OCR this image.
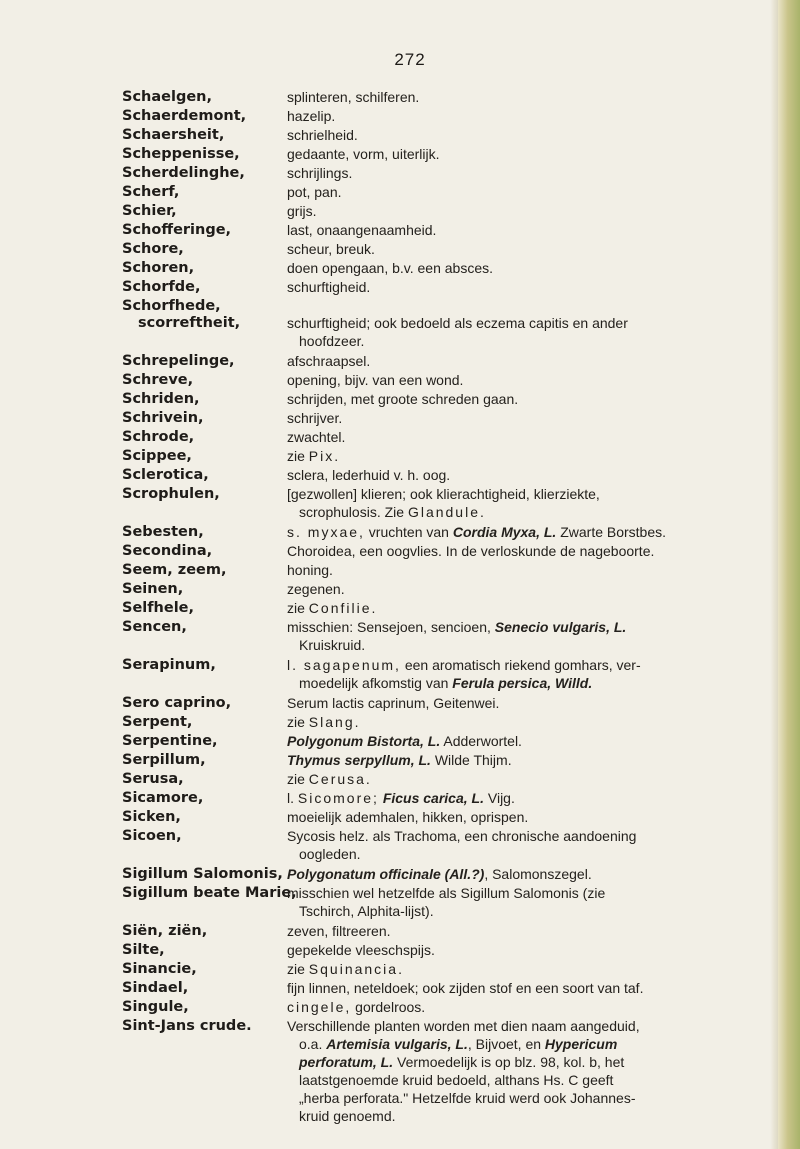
272
Schaelgen,	splinteren, schilferen.
Schaerdemont,	hazelip.
Schaersheit,	schrielheid.
Scheppenisse,	gedaante, vorm, uiterlijk.
Scherdelinghe,	schrijlings.
Scherf,	pot, pan.
Schier,	grijs.
Schofferinge,	last, onaangenaamheid.
Schore,	scheur, breuk.
Schoren,	doen opengaan, b.v. een absces.
Schorfde,	schurftigheid.
Schorfhede,
scorreftheit,	schurftigheid; ook bedoeld als eczema capitis en ander
hoofdzeer.
Schrepelinge,	afschraapsel.
Schreve,	opening, bijv. van een wond.
Schriden,	schrijden, met groote schreden gaan.
Schrivein,	schrijver.
Schrode,	zwachtel.
Scippee,	zie Pix.
Sclerotica,	sclera, lederhuid v. h. oog.
Scrophulen,	[gezwollen] klieren; ook klierachtigheid, klierziekte,
scrophulosis. Zie Glandule.
Sebesten,	s. myxae, vruchten van Cordia Myxa, L. Zwarte Borstbes.
Secondina,	Choroidea, een oogvlies. In de verloskunde de nageboorte.
Seem, zeem,	honing.
Seinen,	zegenen.
Selfhele,	zie Confilie.
Sencen,	misschien: Sensejoen, sencioen, Senecio vulgaris, L.
Kruiskruid.
Serapinum,	l. sagapenum, een aromatisch riekend gomhars, ver-
moedelijk afkomstig van Ferula persica, Willd.
Sero caprino,	Serum lactis caprinum, Geitenwei.
Serpent,	zie Slang.
Serpentine,	Polygonum Bistorta, L. Adderwortel.
Serpillum,	Thymus serpyllum, L. Wilde Thijm.
Serusa,	zie Cerusa.
Sicamore,	l. Sicomore; Ficus carica, L. Vijg.
Sicken,	moeielijk ademhalen, hikken, oprispen.
Sicoen,	Sycosis helz. als Trachoma, een chronische aandoening
oogleden.
Sigillum Salomonis, Polygonatum officinale (All.?), Salomonszegel.
Sigillum beate Marie,
misschien wel hetzelfde als Sigillum Salomonis (zie
Tschirch, Alphita-lijst).
Siën, ziën,	zeven, filtreeren.
Silte,	gepekelde vleeschspijs.
Sinancie,	zie Squinancia.
Sindael,	fijn linnen, neteldoek; ook zijden stof en een soort van taf.
Singule,	cingele, gordelroos.
Sint-Jans crude.	Verschillende planten worden met dien naam aangeduid,
o.a. Artemisia vulgaris, L., Bijvoet, en Hypericum
perforatum, L. Vermoedelijk is op blz. 98, kol. b, het
laatstgenoemde kruid bedoeld, althans Hs. C geeft
„herba perforata." Hetzelfde kruid werd ook Johannes-
kruid genoemd.
